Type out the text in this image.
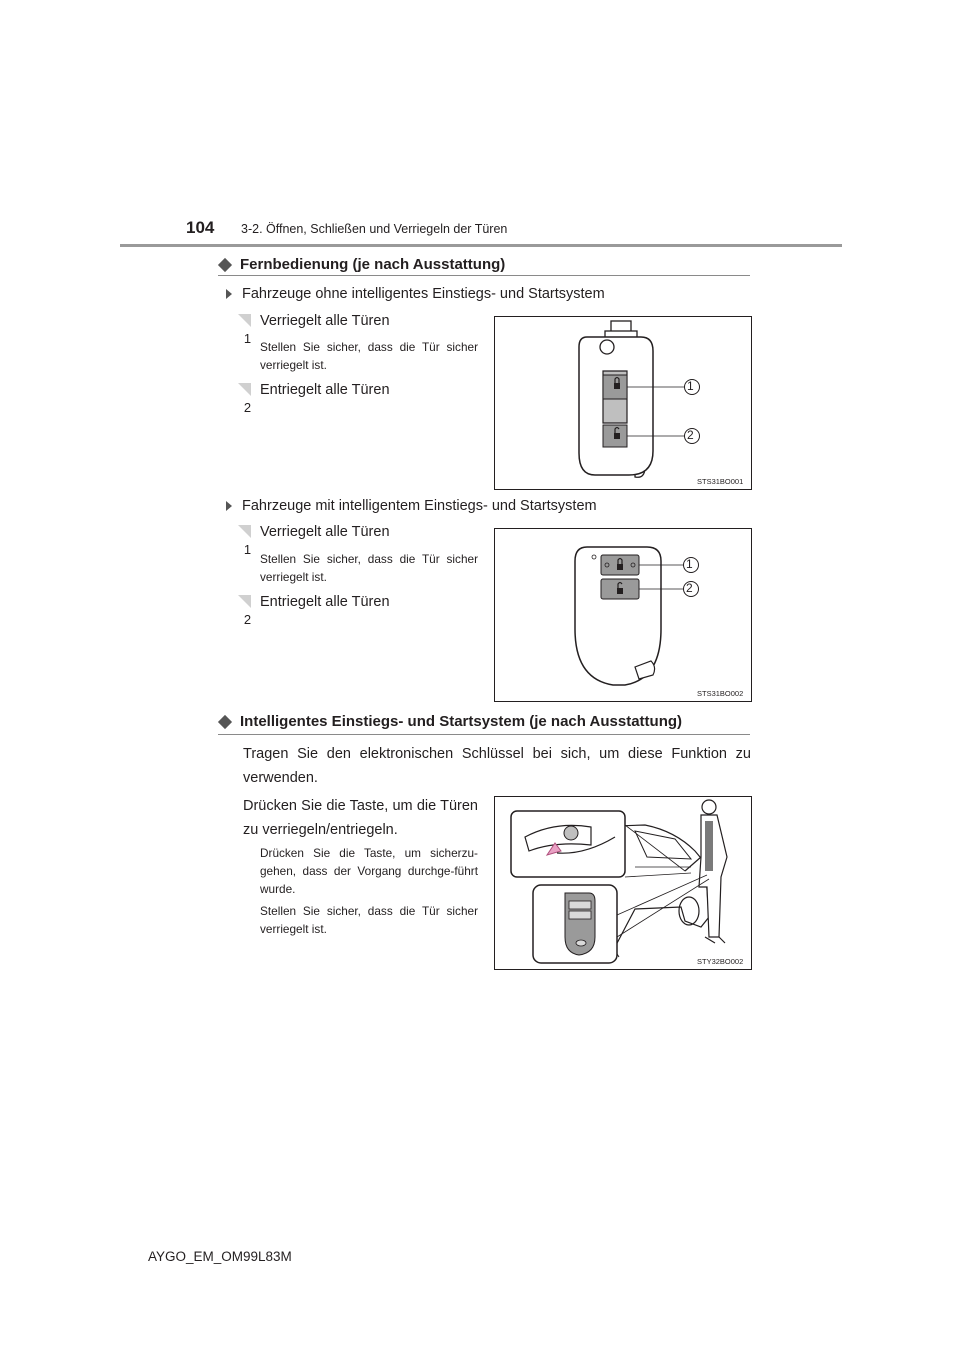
104 3-2. Öffnen, Schließen und Verriegeln der Türen
Fernbedienung (je nach Ausstattung)
Fahrzeuge ohne intelligentes Einstiegs- und Startsystem
1
Verriegelt alle Türen
Stellen Sie sicher, dass die Tür sicher verriegelt ist.
2
Entriegelt alle Türen	1
2
STS31BO001
Fahrzeuge mit intelligentem Einstiegs- und Startsystem
1
Verriegelt alle Türen
Stellen Sie sicher, dass die Tür sicher verriegelt ist.
2
Entriegelt alle Türen
1
2
STS31BO002
Intelligentes Einstiegs- und Startsystem (je nach Ausstattung)
Tragen Sie den elektronischen Schlüssel bei sich, um diese Funktion zu verwenden.
Drücken Sie die Taste, um die Türen zu verriegeln/entriegeln.
Drücken Sie die Taste, um sicherzu-gehen, dass der Vorgang durchge-führt wurde.
Stellen Sie sicher, dass die Tür sicher verriegelt ist.
STY32BO002
AYGO_EM_OM99L83M
